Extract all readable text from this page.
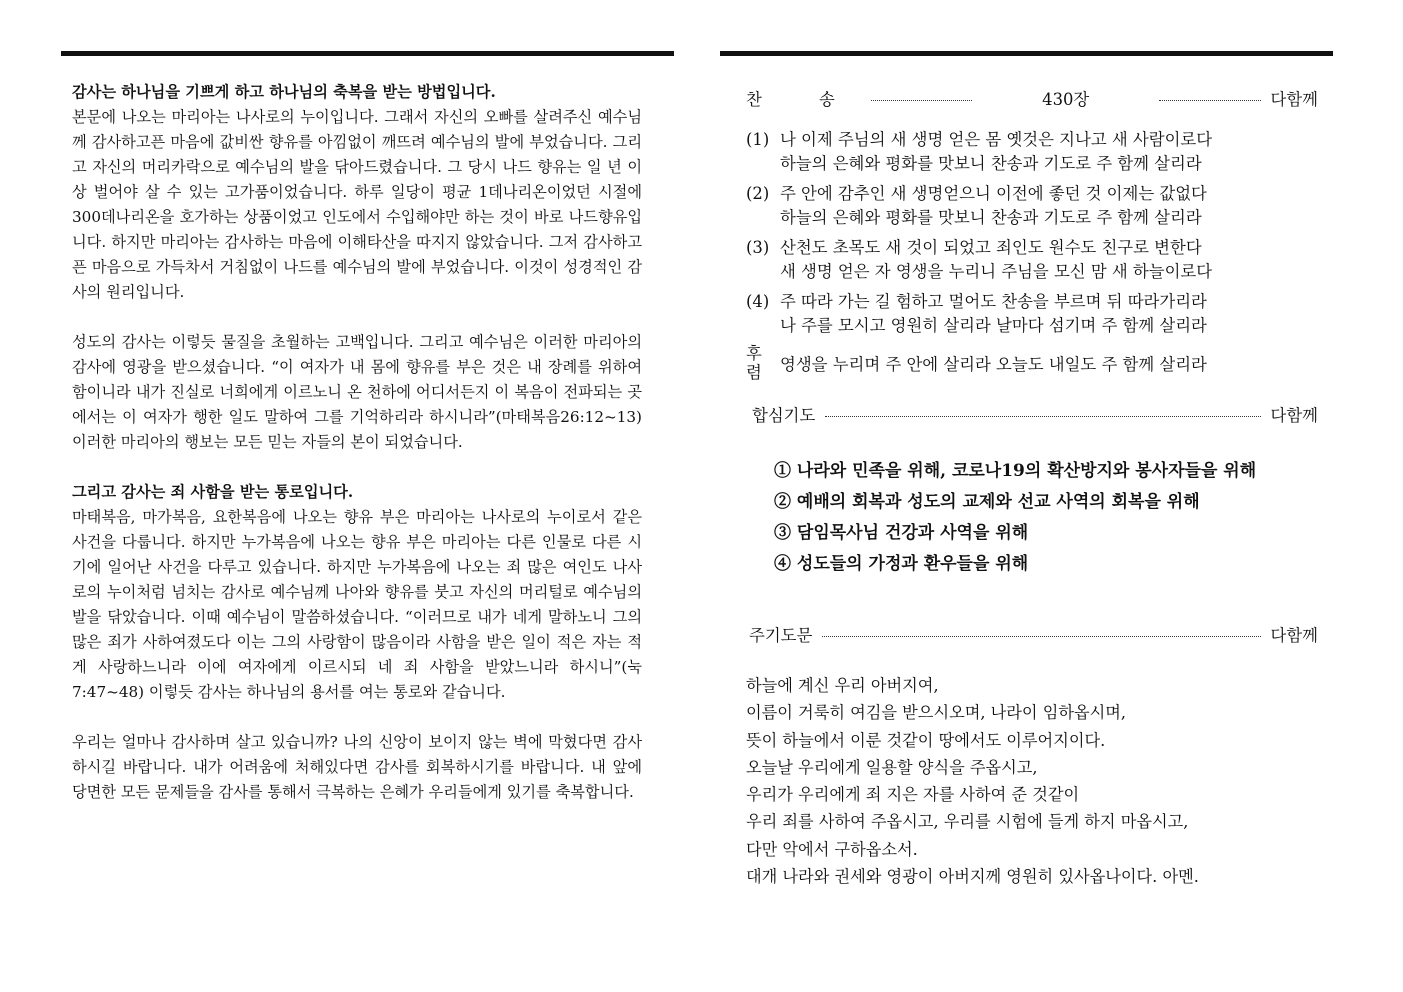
감사는 하나님을 기쁘게 하고 하나님의 축복을 받는 방법입니다.

본문에 나오는 마리아는 나사로의 누이입니다. 그래서 자신의 오빠를 살려주신 예수님께 감사하고픈 마음에 값비싼 향유를 아낌없이 깨뜨려 예수님의 발에 부었습니다. 그리고 자신의 머리카락으로 예수님의 발을 닦아드렸습니다. 그 당시 나드 향유는 일 년 이상 벌어야 살 수 있는 고가품이었습니다. 하루 일당이 평균 1데나리온이었던 시절에 300데나리온을 호가하는 상품이었고 인도에서 수입해야만 하는 것이 바로 나드향유입니다. 하지만 마리아는 감사하는 마음에 이해타산을 따지지 않았습니다. 그저 감사하고픈 마음으로 가득차서 거침없이 나드를 예수님의 발에 부었습니다. 이것이 성경적인 감사의 원리입니다.

성도의 감사는 이렇듯 물질을 초월하는 고백입니다. 그리고 예수님은 이러한 마리아의 감사에 영광을 받으셨습니다. “이 여자가 내 몸에 향유를 부은 것은 내 장례를 위하여 함이니라 내가 진실로 너희에게 이르노니 온 천하에 어디서든지 이 복음이 전파되는 곳에서는 이 여자가 행한 일도 말하여 그를 기억하리라 하시니라”(마태복음26:12~13) 이러한 마리아의 행보는 모든 믿는 자들의 본이 되었습니다.

그리고 감사는 죄 사함을 받는 통로입니다.

마태복음, 마가복음, 요한복음에 나오는 향유 부은 마리아는 나사로의 누이로서 같은 사건을 다룹니다. 하지만 누가복음에 나오는 향유 부은 마리아는 다른 인물로 다른 시기에 일어난 사건을 다루고 있습니다. 하지만 누가복음에 나오는 죄 많은 여인도 나사로의 누이처럼 넘치는 감사로 예수님께 나아와 향유를 붓고 자신의 머리털로 예수님의 발을 닦았습니다. 이때 예수님이 말씀하셨습니다. “이러므로 내가 네게 말하노니 그의 많은 죄가 사하여졌도다 이는 그의 사랑함이 많음이라 사함을 받은 일이 적은 자는 적게 사랑하느니라 이에 여자에게 이르시되 네 죄 사함을 받았느니라 하시니”(눅7:47~48) 이렇듯 감사는 하나님의 용서를 여는 통로와 같습니다.

우리는 얼마나 감사하며 살고 있습니까? 나의 신앙이 보이지 않는 벽에 막혔다면 감사하시길 바랍니다. 내가 어려움에 처해있다면 감사를 회복하시기를 바랍니다. 내 앞에 당면한 모든 문제들을 감사를 통해서 극복하는 은혜가 우리들에게 있기를 축복합니다.

찬 송	430장	다함께
(1) 나 이제 주님의 새 생명 얻은 몸 옛것은 지나고 새 사람이로다
하늘의 은혜와 평화를 맛보니 찬송과 기도로 주 함께 살리라
(2) 주 안에 감추인 새 생명얻으니 이전에 좋던 것 이제는 값없다
하늘의 은혜와 평화를 맛보니 찬송과 기도로 주 함께 살리라
(3) 산천도 초목도 새 것이 되었고 죄인도 원수도 친구로 변한다
새 생명 얻은 자 영생을 누리니 주님을 모신 맘 새 하늘이로다
(4) 주 따라 가는 길 험하고 멀어도 찬송을 부르며 뒤 따라가리라
나 주를 모시고 영원히 살리라 날마다 섬기며 주 함께 살리라
후
렴	영생을 누리며 주 안에 살리라 오늘도 내일도 주 함께 살리라
합심기도	다함께
① 나라와 민족을 위해, 코로나19의 확산방지와 봉사자들을 위해
② 예배의 회복과 성도의 교제와 선교 사역의 회복을 위해
③ 담임목사님 건강과 사역을 위해
④ 성도들의 가정과 환우들을 위해
주기도문	다함께
하늘에 계신 우리 아버지여,
이름이 거룩히 여김을 받으시오며, 나라이 임하옵시며,
뜻이 하늘에서 이룬 것같이 땅에서도 이루어지이다.
오늘날 우리에게 일용할 양식을 주옵시고,
우리가 우리에게 죄 지은 자를 사하여 준 것같이
우리 죄를 사하여 주옵시고, 우리를 시험에 들게 하지 마옵시고,
다만 악에서 구하옵소서.
대개 나라와 권세와 영광이 아버지께 영원히 있사옵나이다. 아멘.
